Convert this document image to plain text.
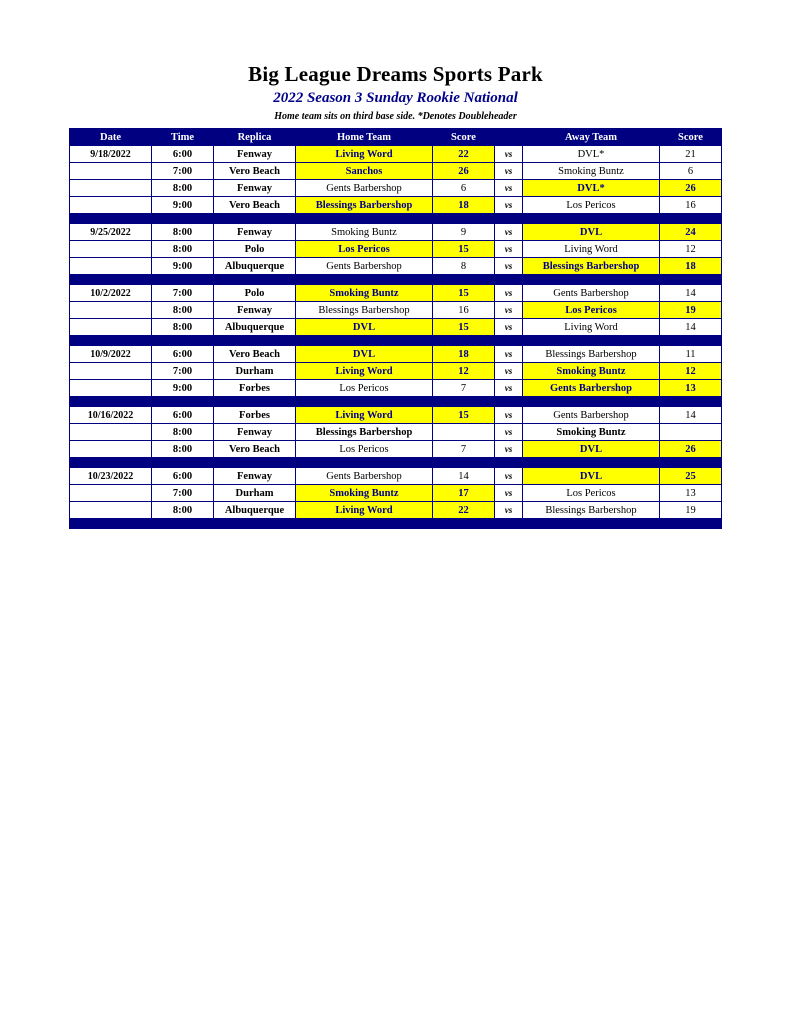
Big League Dreams Sports Park
2022 Season 3 Sunday Rookie National
Home team sits on third base side. *Denotes Doubleheader
Date	Time	Replica	Home Team	Score		Away Team	Score
9/18/2022	6:00	Fenway	Living Word	22	vs	DVL*	21
	7:00	Vero Beach	Sanchos	26	vs	Smoking Buntz	6
	8:00	Fenway	Gents Barbershop	6	vs	DVL*	26
	9:00	Vero Beach	Blessings Barbershop	18	vs	Los Pericos	16

9/25/2022	8:00	Fenway	Smoking Buntz	9	vs	DVL	24
	8:00	Polo	Los Pericos	15	vs	Living Word	12
	9:00	Albuquerque	Gents Barbershop	8	vs	Blessings Barbershop	18

10/2/2022	7:00	Polo	Smoking Buntz	15	vs	Gents Barbershop	14
	8:00	Fenway	Blessings Barbershop	16	vs	Los Pericos	19
	8:00	Albuquerque	DVL	15	vs	Living Word	14

10/9/2022	6:00	Vero Beach	DVL	18	vs	Blessings Barbershop	11
	7:00	Durham	Living Word	12	vs	Smoking Buntz	12
	9:00	Forbes	Los Pericos	7	vs	Gents Barbershop	13

10/16/2022	6:00	Forbes	Living Word	15	vs	Gents Barbershop	14
	8:00	Fenway	Blessings Barbershop		vs	Smoking Buntz	
	8:00	Vero Beach	Los Pericos	7	vs	DVL	26

10/23/2022	6:00	Fenway	Gents Barbershop	14	vs	DVL	25
	7:00	Durham	Smoking Buntz	17	vs	Los Pericos	13
	8:00	Albuquerque	Living Word	22	vs	Blessings Barbershop	19
